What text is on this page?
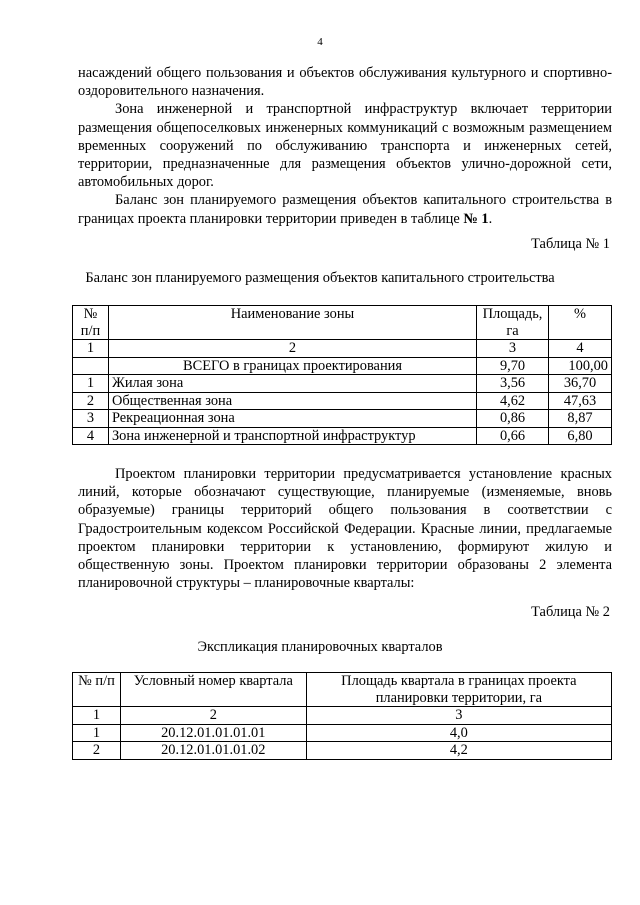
4

насаждений общего пользования и объектов обслуживания культурного и спортивно-оздоровительного назначения.

Зона инженерной и транспортной инфраструктур включает территории размещения общепоселковых инженерных коммуникаций с возможным размещением временных сооружений по обслуживанию транспорта и инженерных сетей, территории, предназначенные для размещения объектов улично-дорожной сети, автомобильных дорог.

Баланс зон планируемого размещения объектов капитального строительства в границах проекта планировки территории приведен в таблице № 1.

Таблица № 1
Баланс зон планируемого размещения объектов капитального строительства
№ п/п	Наименование зоны	Площадь, га	%
1	2	3	4
	ВСЕГО в границах проектирования	9,70	100,00
1	Жилая зона	3,56	36,70
2	Общественная зона	4,62	47,63
3	Рекреационная зона	0,86	8,87
4	Зона инженерной и транспортной инфраструктур	0,66	6,80

Проектом планировки территории предусматривается установление красных линий, которые обозначают существующие, планируемые (изменяемые, вновь образуемые) границы территорий общего пользования в соответствии с Градостроительным кодексом Российской Федерации. Красные линии, предлагаемые проектом планировки территории к установлению, формируют жилую и общественную зоны. Проектом планировки территории образованы 2 элемента планировочной структуры – планировочные кварталы:

Таблица № 2
Экспликация планировочных кварталов
№ п/п	Условный номер квартала	Площадь квартала в границах проекта планировки территории, га
1	2	3
1	20.12.01.01.01.01	4,0
2	20.12.01.01.01.02	4,2
